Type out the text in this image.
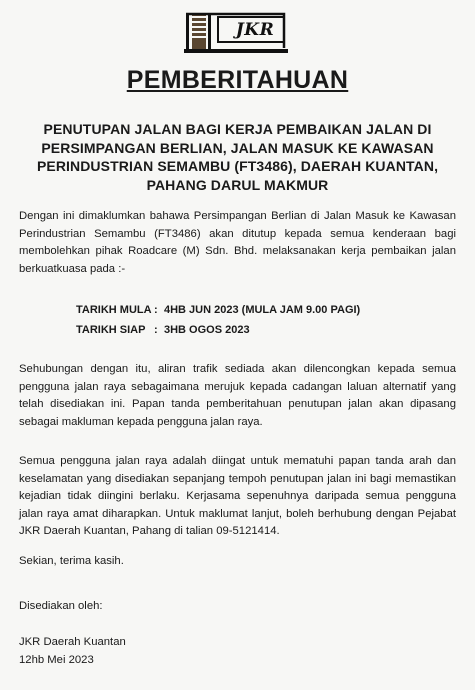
JKR
PEMBERITAHUAN
PENUTUPAN JALAN BAGI KERJA PEMBAIKAN JALAN DI
PERSIMPANGAN BERLIAN, JALAN MASUK KE KAWASAN
PERINDUSTRIAN SEMAMBU (FT3486), DAERAH KUANTAN,
PAHANG DARUL MAKMUR
Dengan ini dimaklumkan bahawa Persimpangan Berlian di Jalan Masuk ke Kawasan Perindustrian Semambu (FT3486) akan ditutup kepada semua kenderaan bagi membolehkan pihak Roadcare (M) Sdn. Bhd. melaksanakan kerja pembaikan jalan berkuatkuasa pada :-
TARIKH MULA : 4HB JUN 2023 (MULA JAM 9.00 PAGI)
TARIKH SIAP : 3HB OGOS 2023
Sehubungan dengan itu, aliran trafik sediada akan dilencongkan kepada semua pengguna jalan raya sebagaimana merujuk kepada cadangan laluan alternatif yang telah disediakan ini. Papan tanda pemberitahuan penutupan jalan akan dipasang sebagai makluman kepada pengguna jalan raya.
Semua pengguna jalan raya adalah diingat untuk mematuhi papan tanda arah dan keselamatan yang disediakan sepanjang tempoh penutupan jalan ini bagi memastikan kejadian tidak diingini berlaku. Kerjasama sepenuhnya daripada semua pengguna jalan raya amat diharapkan. Untuk maklumat lanjut, boleh berhubung dengan Pejabat JKR Daerah Kuantan, Pahang di talian 09-5121414.
Sekian, terima kasih.
Disediakan oleh:
JKR Daerah Kuantan
12hb Mei 2023
